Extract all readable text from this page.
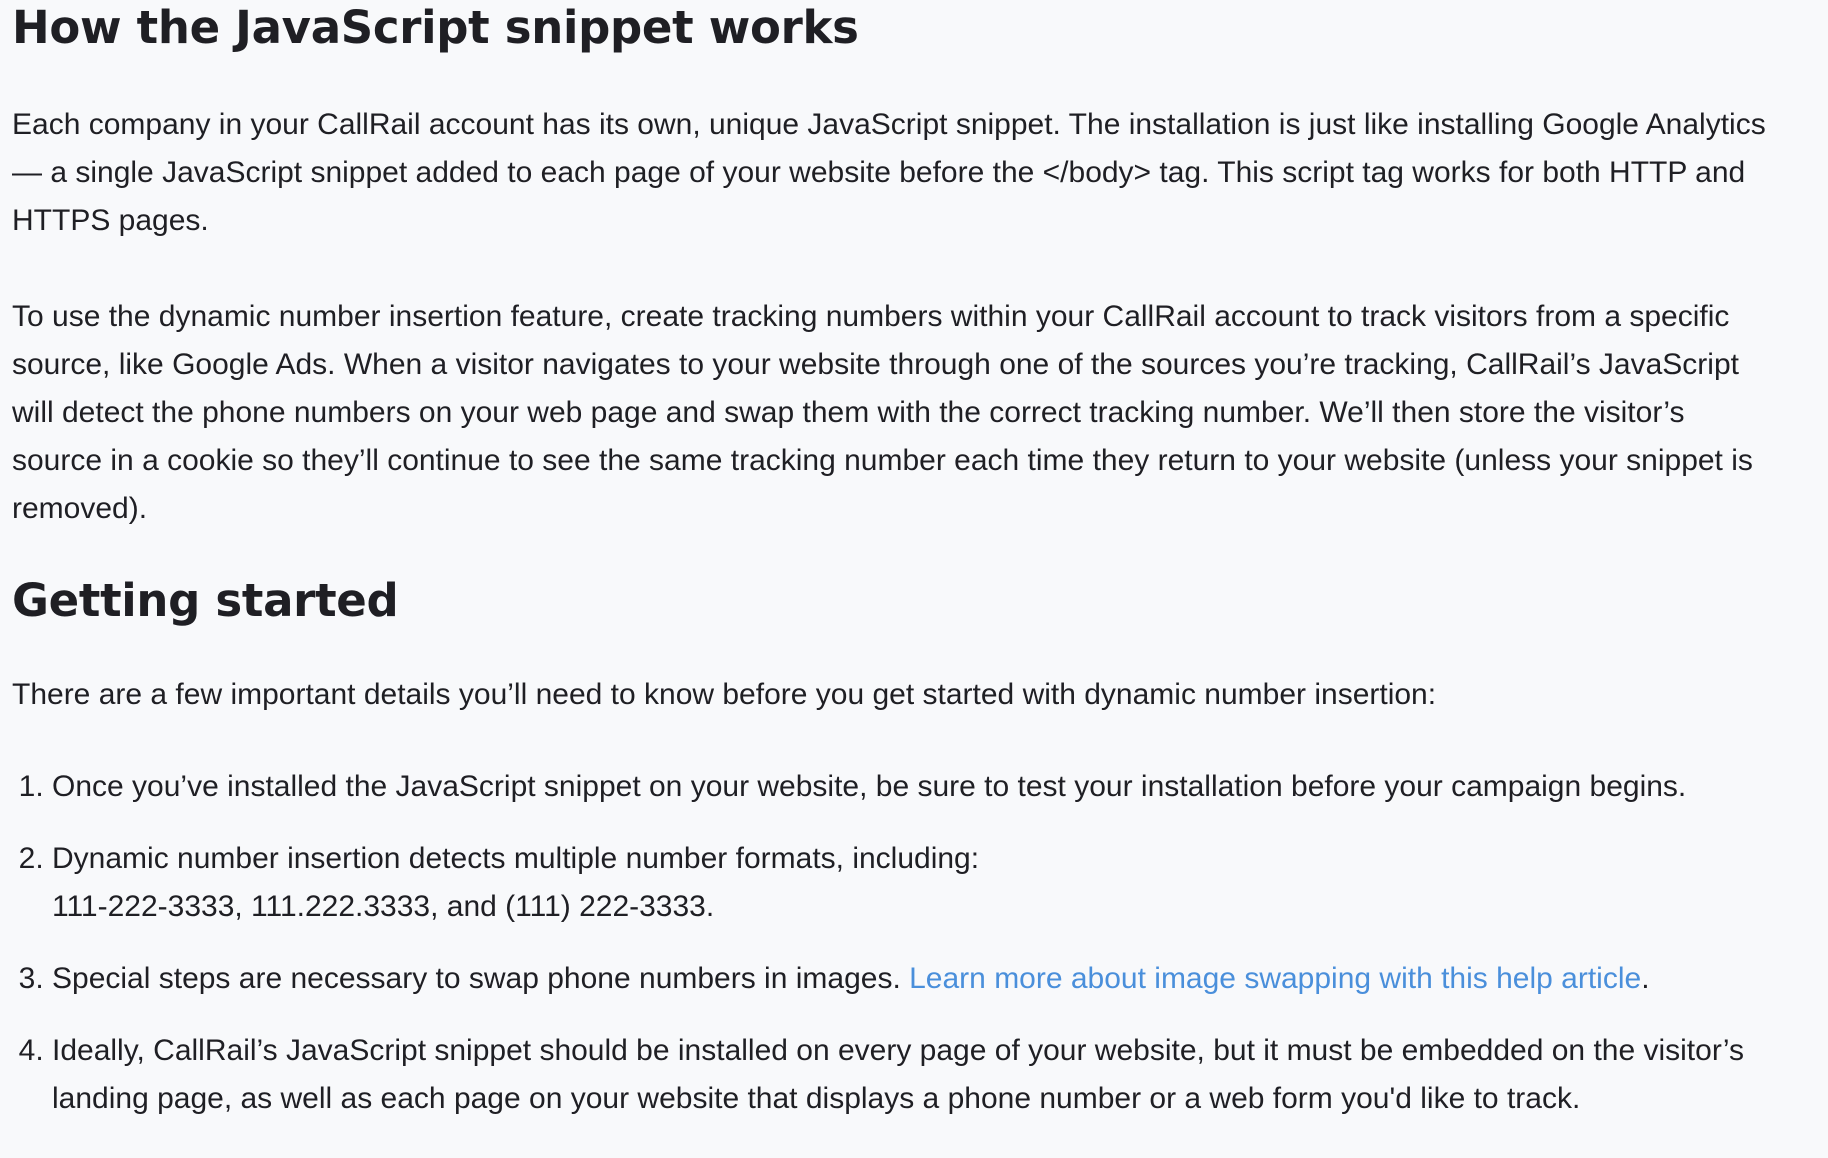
How the JavaScript snippet works

Each company in your CallRail account has its own, unique JavaScript snippet. The installation is just like installing Google Analytics — a single JavaScript snippet added to each page of your website before the </body> tag. This script tag works for both HTTP and HTTPS pages.

To use the dynamic number insertion feature, create tracking numbers within your CallRail account to track visitors from a specific source, like Google Ads. When a visitor navigates to your website through one of the sources you’re tracking, CallRail’s JavaScript will detect the phone numbers on your web page and swap them with the correct tracking number. We’ll then store the visitor’s source in a cookie so they’ll continue to see the same tracking number each time they return to your website (unless your snippet is removed).

Getting started

There are a few important details you’ll need to know before you get started with dynamic number insertion:

1. Once you’ve installed the JavaScript snippet on your website, be sure to test your installation before your campaign begins.
2. Dynamic number insertion detects multiple number formats, including:
111-222-3333, 111.222.3333, and (111) 222-3333.
3. Special steps are necessary to swap phone numbers in images. Learn more about image swapping with this help article.
4. Ideally, CallRail’s JavaScript snippet should be installed on every page of your website, but it must be embedded on the visitor’s landing page, as well as each page on your website that displays a phone number or a web form you'd like to track.
